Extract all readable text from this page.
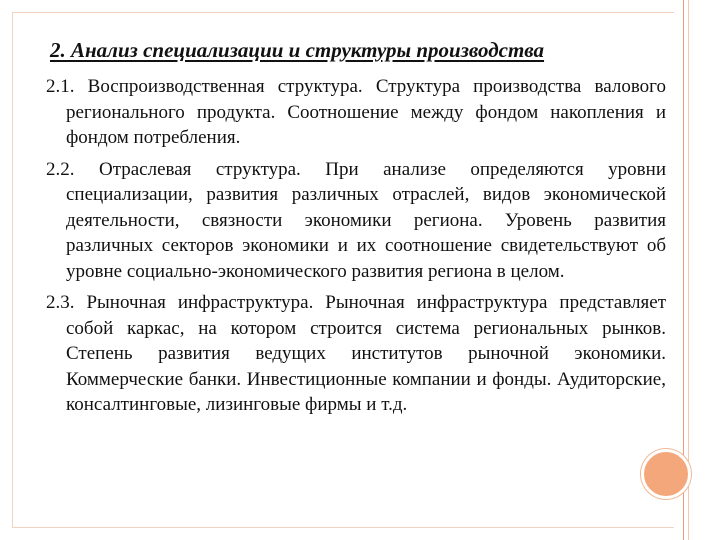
2. Анализ специализации и структуры производства

2.1. Воспроизводственная структура. Структура производства валового регионального продукта. Соотношение между фондом накопления и фондом потребления.

2.2. Отраслевая структура. При анализе определяются уровни специализации, развития различных отраслей, видов экономической деятельности, связности экономики региона. Уровень развития различных секторов экономики и их соотношение свидетельствуют об уровне социально-экономического развития региона в целом.

2.3. Рыночная инфраструктура. Рыночная инфраструктура представляет собой каркас, на котором строится система региональных рынков. Степень развития ведущих институтов рыночной экономики. Коммерческие банки. Инвестиционные компании и фонды. Аудиторские, консалтинговые, лизинговые фирмы и т.д.
